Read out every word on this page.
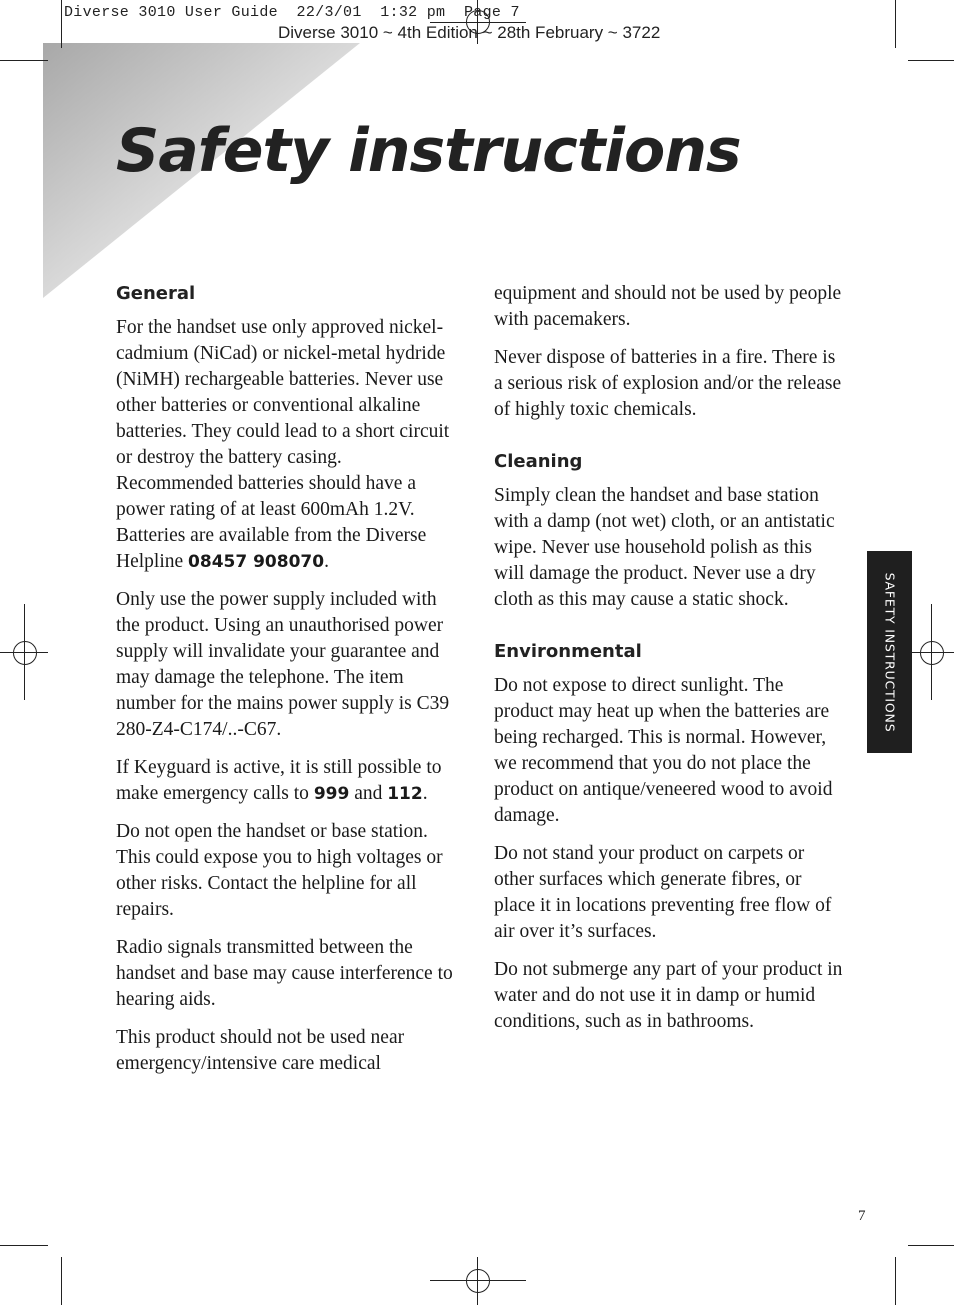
Diverse 3010 User Guide  22/3/01  1:32 pm  Page 7
Diverse 3010 ~ 4th Edition ~ 28th February ~ 3722
Safety instructions
General

For the handset use only approved nickel-cadmium (NiCad) or nickel-metal hydride (NiMH) rechargeable batteries. Never use other batteries or conventional alkaline batteries. They could lead to a short circuit or destroy the battery casing. Recommended batteries should have a power rating of at least 600mAh 1.2V. Batteries are available from the Diverse Helpline 08457 908070.

Only use the power supply included with the product. Using an unauthorised power supply will invalidate your guarantee and may damage the telephone. The item number for the mains power supply is C39 280-Z4-C174/..-C67.

If Keyguard is active, it is still possible to make emergency calls to 999 and 112.

Do not open the handset or base station. This could expose you to high voltages or other risks. Contact the helpline for all repairs.

Radio signals transmitted between the handset and base may cause interference to hearing aids.

This product should not be used near emergency/intensive care medical

equipment and should not be used by people with pacemakers.

Never dispose of batteries in a fire. There is a serious risk of explosion and/or the release of highly toxic chemicals.

Cleaning

Simply clean the handset and base station with a damp (not wet) cloth, or an antistatic wipe. Never use household polish as this will damage the product. Never use a dry cloth as this may cause a static shock.

Environmental

Do not expose to direct sunlight. The product may heat up when the batteries are being recharged. This is normal. However, we recommend that you do not place the product on antique/veneered wood to avoid damage.

Do not stand your product on carpets or other surfaces which generate fibres, or place it in locations preventing free flow of air over it’s surfaces.

Do not submerge any part of your product in water and do not use it in damp or humid conditions, such as in bathrooms.

SAFETY INSTRUCTIONS
7
